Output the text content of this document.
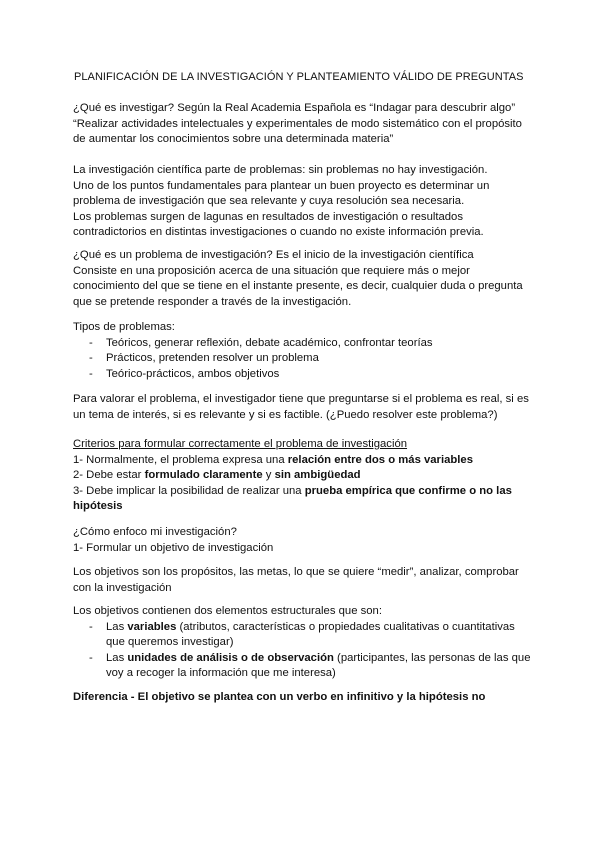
PLANIFICACIÓN DE LA INVESTIGACIÓN Y PLANTEAMIENTO VÁLIDO DE PREGUNTAS
¿Qué es investigar? Según la Real Academia Española es “Indagar para descubrir algo”
“Realizar actividades intelectuales y experimentales de modo sistemático con el propósito
de aumentar los conocimientos sobre una determinada materia”
La investigación científica parte de problemas: sin problemas no hay investigación.
Uno de los puntos fundamentales para plantear un buen proyecto es determinar un
problema de investigación que sea relevante y cuya resolución sea necesaria.
Los problemas surgen de lagunas en resultados de investigación o resultados
contradictorios en distintas investigaciones o cuando no existe información previa.
¿Qué es un problema de investigación? Es el inicio de la investigación científica
Consiste en una proposición acerca de una situación que requiere más o mejor
conocimiento del que se tiene en el instante presente, es decir, cualquier duda o pregunta
que se pretende responder a través de la investigación.
Tipos de problemas:
- Teóricos, generar reflexión, debate académico, confrontar teorías
- Prácticos, pretenden resolver un problema
- Teórico-prácticos, ambos objetivos
Para valorar el problema, el investigador tiene que preguntarse si el problema es real, si es
un tema de interés, si es relevante y si es factible. (¿Puedo resolver este problema?)
Criterios para formular correctamente el problema de investigación
1- Normalmente, el problema expresa una relación entre dos o más variables
2- Debe estar formulado claramente y sin ambigüedad
3- Debe implicar la posibilidad de realizar una prueba empírica que confirme o no las
hipótesis
¿Cómo enfoco mi investigación?
1- Formular un objetivo de investigación
Los objetivos son los propósitos, las metas, lo que se quiere “medir”, analizar, comprobar
con la investigación
Los objetivos contienen dos elementos estructurales que son:
- Las variables (atributos, características o propiedades cualitativas o cuantitativas
que queremos investigar)
- Las unidades de análisis o de observación (participantes, las personas de las que
voy a recoger la información que me interesa)
Diferencia - El objetivo se plantea con un verbo en infinitivo y la hipótesis no
